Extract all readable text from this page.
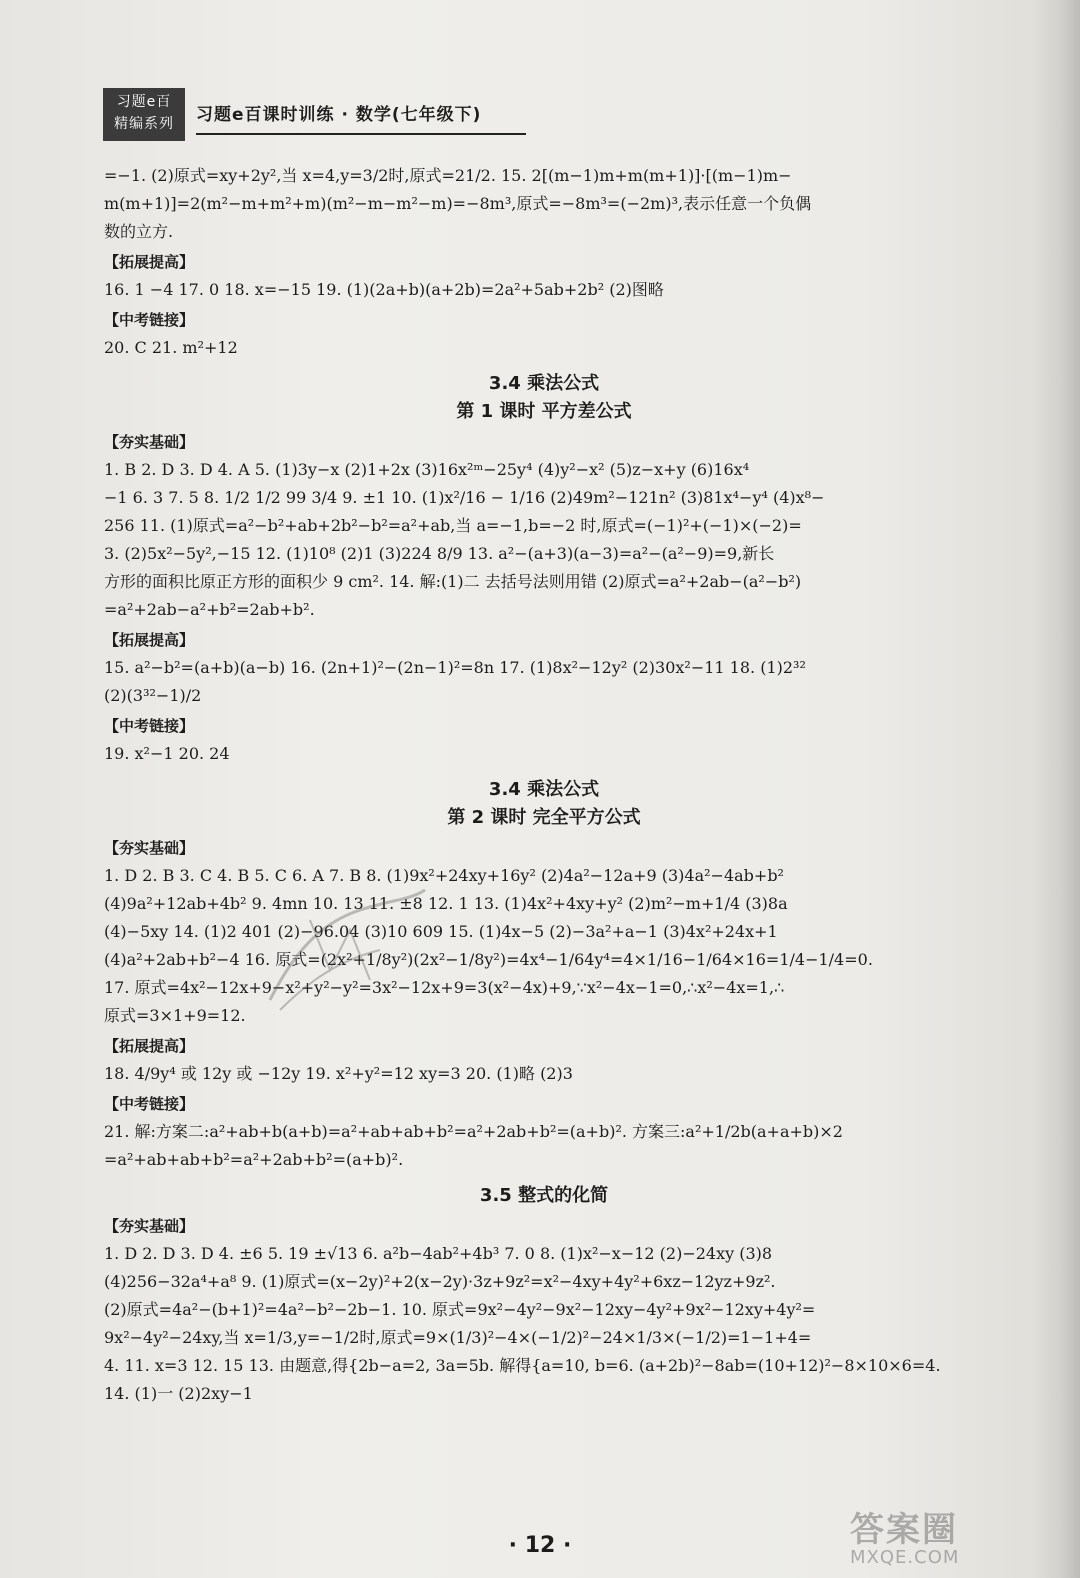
习题e百
精编系列	习题e百课时训练 · 数学(七年级下)
=−1. (2)原式=xy+2y²,当 x=4,y=3/2时,原式=21/2. 15. 2[(m−1)m+m(m+1)]·[(m−1)m−
m(m+1)]=2(m²−m+m²+m)(m²−m−m²−m)=−8m³,原式=−8m³=(−2m)³,表示任意一个负偶
数的立方.
【拓展提高】
16. 1 −4 17. 0 18. x=−15 19. (1)(2a+b)(a+2b)=2a²+5ab+2b² (2)图略
【中考链接】
20. C 21. m²+12
3.4 乘法公式
第 1 课时 平方差公式
【夯实基础】
1. B 2. D 3. D 4. A 5. (1)3y−x (2)1+2x (3)16x²ᵐ−25y⁴ (4)y²−x² (5)z−x+y (6)16x⁴
−1 6. 3 7. 5 8. 1/2 1/2 99 3/4 9. ±1 10. (1)x²/16 − 1/16 (2)49m²−121n² (3)81x⁴−y⁴ (4)x⁸−
256 11. (1)原式=a²−b²+ab+2b²−b²=a²+ab,当 a=−1,b=−2 时,原式=(−1)²+(−1)×(−2)=
3. (2)5x²−5y²,−15 12. (1)10⁸ (2)1 (3)224 8/9 13. a²−(a+3)(a−3)=a²−(a²−9)=9,新长
方形的面积比原正方形的面积少 9 cm². 14. 解:(1)二 去括号法则用错 (2)原式=a²+2ab−(a²−b²)
=a²+2ab−a²+b²=2ab+b².
【拓展提高】
15. a²−b²=(a+b)(a−b) 16. (2n+1)²−(2n−1)²=8n 17. (1)8x²−12y² (2)30x²−11 18. (1)2³²
(2)(3³²−1)/2
【中考链接】
19. x²−1 20. 24
3.4 乘法公式
第 2 课时 完全平方公式
【夯实基础】
1. D 2. B 3. C 4. B 5. C 6. A 7. B 8. (1)9x²+24xy+16y² (2)4a²−12a+9 (3)4a²−4ab+b²
(4)9a²+12ab+4b² 9. 4mn 10. 13 11. ±8 12. 1 13. (1)4x²+4xy+y² (2)m²−m+1/4 (3)8a
(4)−5xy 14. (1)2 401 (2)−96.04 (3)10 609 15. (1)4x−5 (2)−3a²+a−1 (3)4x²+24x+1
(4)a²+2ab+b²−4 16. 原式=(2x²+1/8y²)(2x²−1/8y²)=4x⁴−1/64y⁴=4×1/16−1/64×16=1/4−1/4=0.
17. 原式=4x²−12x+9−x²+y²−y²=3x²−12x+9=3(x²−4x)+9,∵x²−4x−1=0,∴x²−4x=1,∴
原式=3×1+9=12.
【拓展提高】
18. 4/9y⁴ 或 12y 或 −12y 19. x²+y²=12 xy=3 20. (1)略 (2)3
【中考链接】
21. 解:方案二:a²+ab+b(a+b)=a²+ab+ab+b²=a²+2ab+b²=(a+b)². 方案三:a²+1/2b(a+a+b)×2
=a²+ab+ab+b²=a²+2ab+b²=(a+b)².
3.5 整式的化简
【夯实基础】
1. D 2. D 3. D 4. ±6 5. 19 ±√13 6. a²b−4ab²+4b³ 7. 0 8. (1)x²−x−12 (2)−24xy (3)8
(4)256−32a⁴+a⁸ 9. (1)原式=(x−2y)²+2(x−2y)·3z+9z²=x²−4xy+4y²+6xz−12yz+9z².
(2)原式=4a²−(b+1)²=4a²−b²−2b−1. 10. 原式=9x²−4y²−9x²−12xy−4y²+9x²−12xy+4y²=
9x²−4y²−24xy,当 x=1/3,y=−1/2时,原式=9×(1/3)²−4×(−1/2)²−24×1/3×(−1/2)=1−1+4=
4. 11. x=3 12. 15 13. 由题意,得{2b−a=2, 3a=5b. 解得{a=10, b=6. (a+2b)²−8ab=(10+12)²−8×10×6=4.
14. (1)一 (2)2xy−1
· 12 ·	答案圈
MXQE.COM
